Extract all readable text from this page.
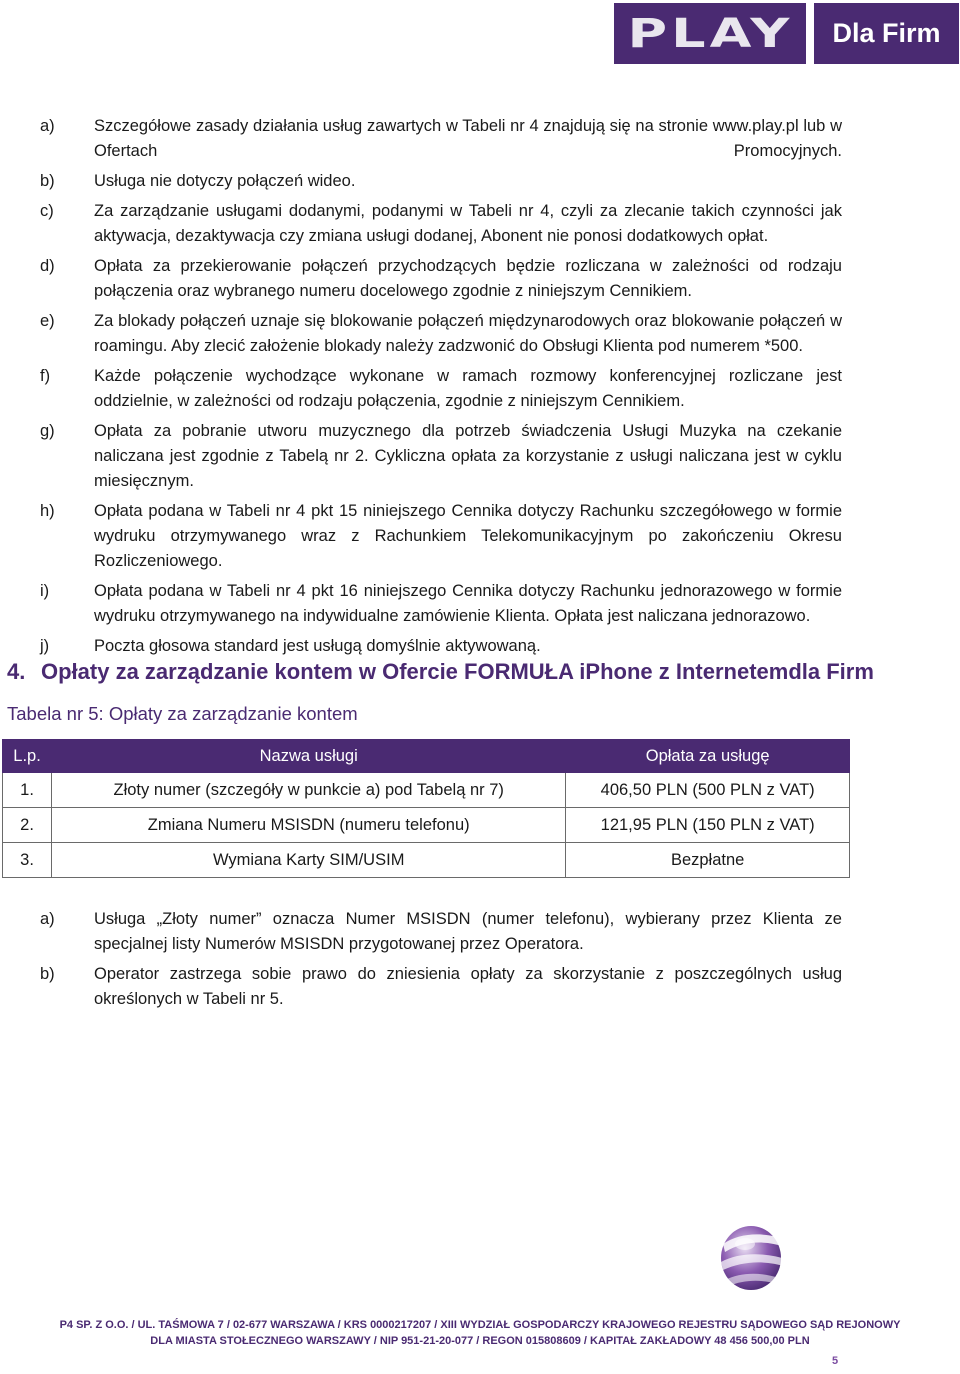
PLAY Dla Firm
a) Szczegółowe zasady działania usług zawartych w Tabeli nr 4 znajdują się na stronie www.play.pl lub w Ofertach Promocyjnych.
b) Usługa nie dotyczy połączeń wideo.
c) Za zarządzanie usługami dodanymi, podanymi w Tabeli nr 4, czyli za zlecanie takich czynności jak aktywacja, dezaktywacja czy zmiana usługi dodanej, Abonent nie ponosi dodatkowych opłat.
d) Opłata za przekierowanie połączeń przychodzących będzie rozliczana w zależności od rodzaju połączenia oraz wybranego numeru docelowego zgodnie z niniejszym Cennikiem.
e) Za blokady połączeń uznaje się blokowanie połączeń międzynarodowych oraz blokowanie połączeń w roamingu. Aby zlecić założenie blokady należy zadzwonić do Obsługi Klienta pod numerem *500.
f)	Każde połączenie wychodzące wykonane w ramach rozmowy konferencyjnej rozliczane jest oddzielnie, w zależności od rodzaju połączenia, zgodnie z niniejszym Cennikiem.
g) Opłata za pobranie utworu muzycznego dla potrzeb świadczenia Usługi Muzyka na czekanie naliczana jest zgodnie z Tabelą nr 2. Cykliczna opłata za korzystanie z usługi naliczana jest w cyklu miesięcznym.
h) Opłata podana w Tabeli nr 4 pkt 15 niniejszego Cennika dotyczy Rachunku szczegółowego w formie wydruku otrzymywanego wraz z Rachunkiem Telekomunikacyjnym po zakończeniu Okresu Rozliczeniowego.
i)	Opłata podana w Tabeli nr 4 pkt 16 niniejszego Cennika dotyczy Rachunku jednorazowego w formie wydruku otrzymywanego na indywidualne zamówienie Klienta. Opłata jest naliczana jednorazowo.
j)	Poczta głosowa standard jest usługą domyślnie aktywowaną.
4. Opłaty za zarządzanie kontem w Ofercie FORMUŁA iPhone z Internetemdla Firm
Tabela nr 5: Opłaty za zarządzanie kontem
L.p.	Nazwa usługi	Opłata za usługę
1.	Złoty numer (szczegóły w punkcie a) pod Tabelą nr 7)	406,50 PLN (500 PLN z VAT)
2.	Zmiana Numeru MSISDN (numeru telefonu)	121,95 PLN (150 PLN z VAT)
3.	Wymiana Karty SIM/USIM	Bezpłatne
a) Usługa „Złoty numer” oznacza Numer MSISDN (numer telefonu), wybierany przez Klienta ze specjalnej listy Numerów MSISDN przygotowanej przez Operatora.
b) Operator zastrzega sobie prawo do zniesienia opłaty za skorzystanie z poszczególnych usług określonych w Tabeli nr 5.
P4 SP. Z O.O. / UL. TAŚMOWA 7 / 02-677 WARSZAWA / KRS 0000217207 / XIII WYDZIAŁ GOSPODARCZY KRAJOWEGO REJESTRU SĄDOWEGO SĄD REJONOWY
DLA MIASTA STOŁECZNEGO WARSZAWY / NIP 951-21-20-077 / REGON 015808609 / KAPITAŁ ZAKŁADOWY 48 456 500,00 PLN
5
